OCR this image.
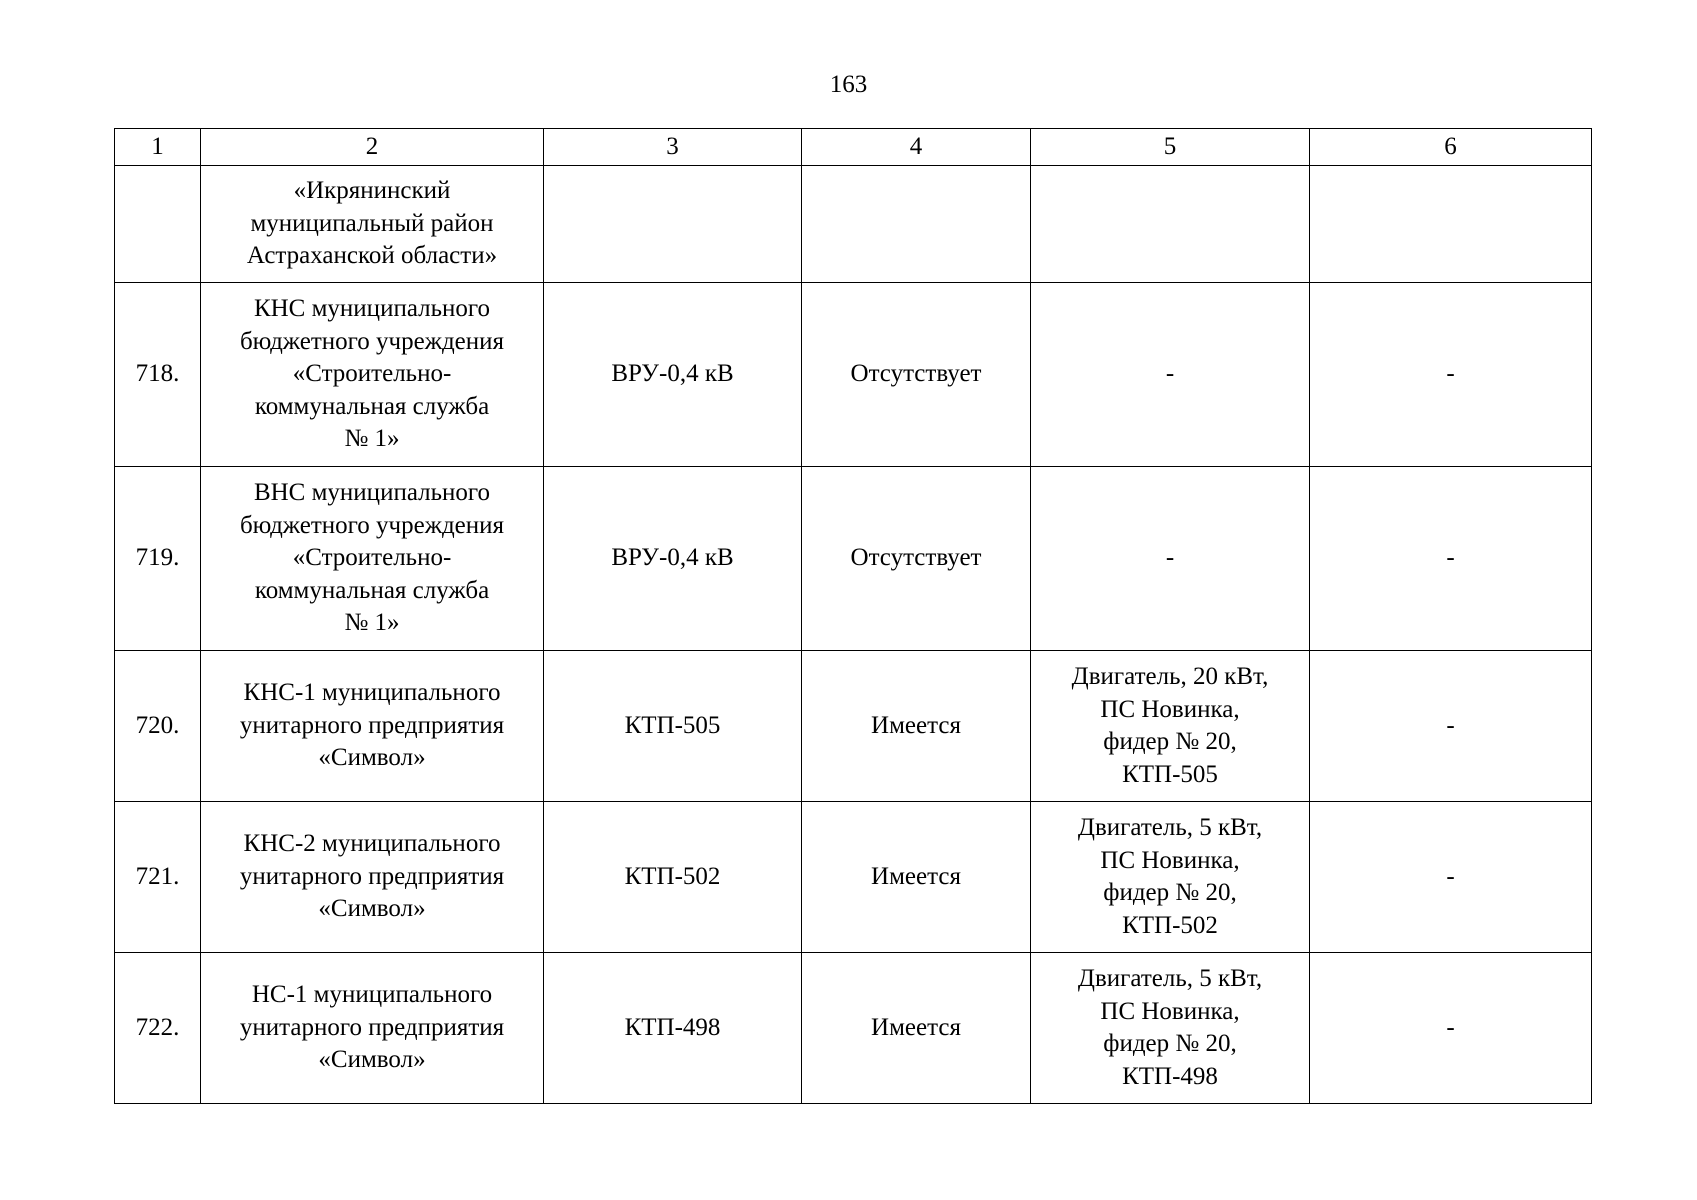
163
1	2	3	4	5	6

	«Икрянинский
муниципальный район
Астраханской области»				

718.	КНС муниципального
бюджетного учреждения
«Строительно-
коммунальная служба
№ 1»	ВРУ-0,4 кВ	Отсутствует	-	-
719.	ВНС муниципального
бюджетного учреждения
«Строительно-
коммунальная служба
№ 1»	ВРУ-0,4 кВ	Отсутствует	-	-
720.	КНС-1 муниципального
унитарного предприятия
«Символ»	КТП-505	Имеется	Двигатель, 20 кВт,
ПС Новинка,
фидер № 20,
КТП-505	-
721.	КНС-2 муниципального
унитарного предприятия
«Символ»	КТП-502	Имеется	Двигатель, 5 кВт,
ПС Новинка,
фидер № 20,
КТП-502	-
722.	НС-1 муниципального
унитарного предприятия
«Символ»	КТП-498	Имеется	Двигатель, 5 кВт,
ПС Новинка,
фидер № 20,
КТП-498	-
